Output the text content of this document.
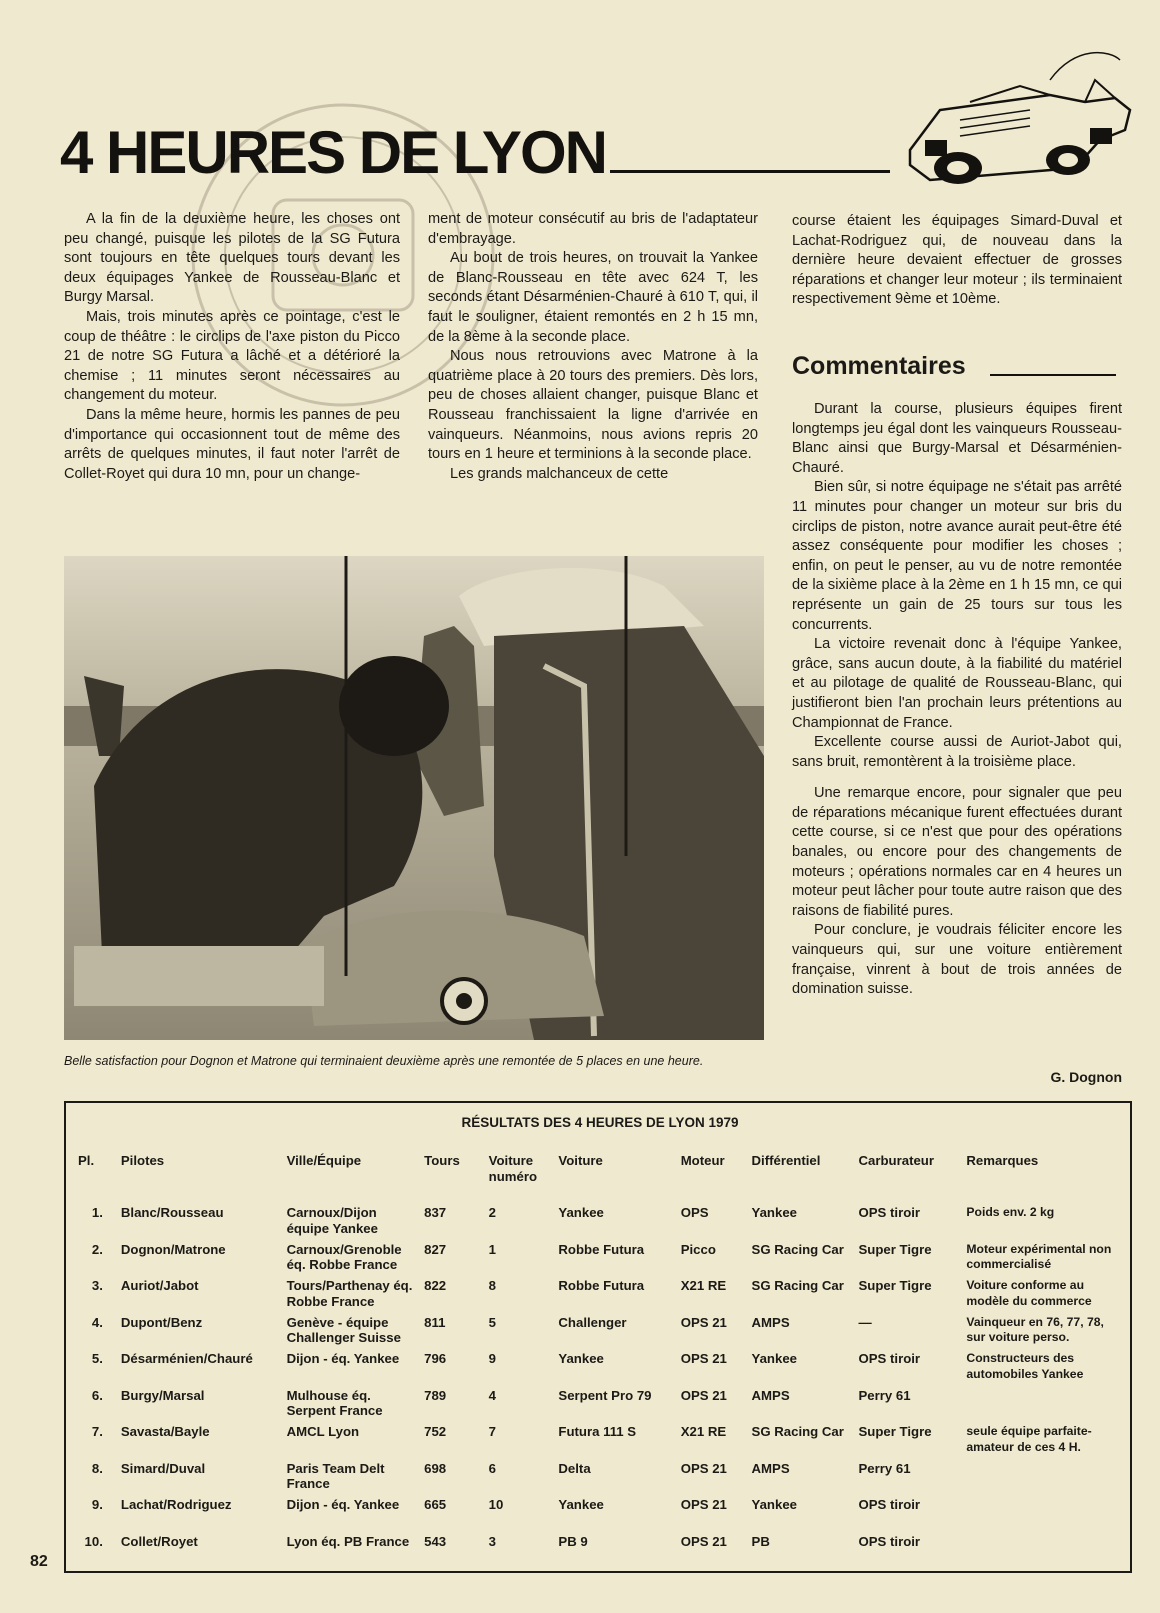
4 HEURES DE LYON

A la fin de la deuxième heure, les choses ont peu changé, puisque les pilotes de la SG Futura sont toujours en tête quelques tours devant les deux équipages Yankee de Rousseau-Blanc et Burgy Marsal.

Mais, trois minutes après ce pointage, c'est le coup de théâtre : le circlips de l'axe piston du Picco 21 de notre SG Futura a lâché et a détérioré la chemise ; 11 minutes seront nécessaires au changement du moteur.

Dans la même heure, hormis les pannes de peu d'importance qui occasionnent tout de même des arrêts de quelques minutes, il faut noter l'arrêt de Collet-Royet qui dura 10 mn, pour un change-

ment de moteur consécutif au bris de l'adaptateur d'embrayage.

Au bout de trois heures, on trouvait la Yankee de Blanc-Rousseau en tête avec 624 T, les seconds étant Désarménien-Chauré à 610 T, qui, il faut le souligner, étaient remontés en 2 h 15 mn, de la 8ème à la seconde place.

Nous nous retrouvions avec Matrone à la quatrième place à 20 tours des premiers. Dès lors, peu de choses allaient changer, puisque Blanc et Rousseau franchissaient la ligne d'arrivée en vainqueurs. Néanmoins, nous avions repris 20 tours en 1 heure et terminions à la seconde place.

Les grands malchanceux de cette

course étaient les équipages Simard-Duval et Lachat-Rodriguez qui, de nouveau dans la dernière heure devaient effectuer de grosses réparations et changer leur moteur ; ils terminaient respectivement 9ème et 10ème.

Commentaires

Durant la course, plusieurs équipes firent longtemps jeu égal dont les vainqueurs Rousseau-Blanc ainsi que Burgy-Marsal et Désarménien-Chauré.

Bien sûr, si notre équipage ne s'était pas arrêté 11 minutes pour changer un moteur sur bris du circlips de piston, notre avance aurait peut-être été assez conséquente pour modifier les choses ; enfin, on peut le penser, au vu de notre remontée de la sixième place à la 2ème en 1 h 15 mn, ce qui représente un gain de 25 tours sur tous les concurrents.

La victoire revenait donc à l'équipe Yankee, grâce, sans aucun doute, à la fiabilité du matériel et au pilotage de qualité de Rousseau-Blanc, qui justifieront bien l'an prochain leurs prétentions au Championnat de France.

Excellente course aussi de Auriot-Jabot qui, sans bruit, remontèrent à la troisième place.

Une remarque encore, pour signaler que peu de réparations mécanique furent effectuées durant cette course, si ce n'est que pour des opérations banales, ou encore pour des changements de moteurs ; opérations normales car en 4 heures un moteur peut lâcher pour toute autre raison que des raisons de fiabilité pures.

Pour conclure, je voudrais féliciter encore les vainqueurs qui, sur une voiture entièrement française, vinrent à bout de trois années de domination suisse.

G. Dognon
Belle satisfaction pour Dognon et Matrone qui terminaient deuxième après une remontée de 5 places en une heure.
RÉSULTATS DES 4 HEURES DE LYON 1979
Pl.	Pilotes	Ville/Équipe	Tours	Voiture numéro	Voiture	Moteur	Différentiel	Carburateur	Remarques
1.	Blanc/Rousseau	Carnoux/Dijon équipe Yankee	837	2	Yankee	OPS	Yankee	OPS tiroir	Poids env. 2 kg
2.	Dognon/Matrone	Carnoux/Grenoble éq. Robbe France	827	1	Robbe Futura	Picco	SG Racing Car	Super Tigre	Moteur expérimental non commercialisé
3.	Auriot/Jabot	Tours/Parthenay éq. Robbe France	822	8	Robbe Futura	X21 RE	SG Racing Car	Super Tigre	Voiture conforme au modèle du commerce
4.	Dupont/Benz	Genève - équipe Challenger Suisse	811	5	Challenger	OPS 21	AMPS	—	Vainqueur en 76, 77, 78, sur voiture perso.
5.	Désarménien/Chauré	Dijon - éq. Yankee	796	9	Yankee	OPS 21	Yankee	OPS tiroir	Constructeurs des automobiles Yankee
6.	Burgy/Marsal	Mulhouse éq. Serpent France	789	4	Serpent Pro 79	OPS 21	AMPS	Perry 61	
7.	Savasta/Bayle	AMCL Lyon	752	7	Futura 111 S	X21 RE	SG Racing Car	Super Tigre	seule équipe parfaite-amateur de ces 4 H.
8.	Simard/Duval	Paris Team Delt France	698	6	Delta	OPS 21	AMPS	Perry 61	
9.	Lachat/Rodriguez	Dijon - éq. Yankee	665	10	Yankee	OPS 21	Yankee	OPS tiroir	
10.	Collet/Royet	Lyon éq. PB France	543	3	PB 9	OPS 21	PB	OPS tiroir	
82
